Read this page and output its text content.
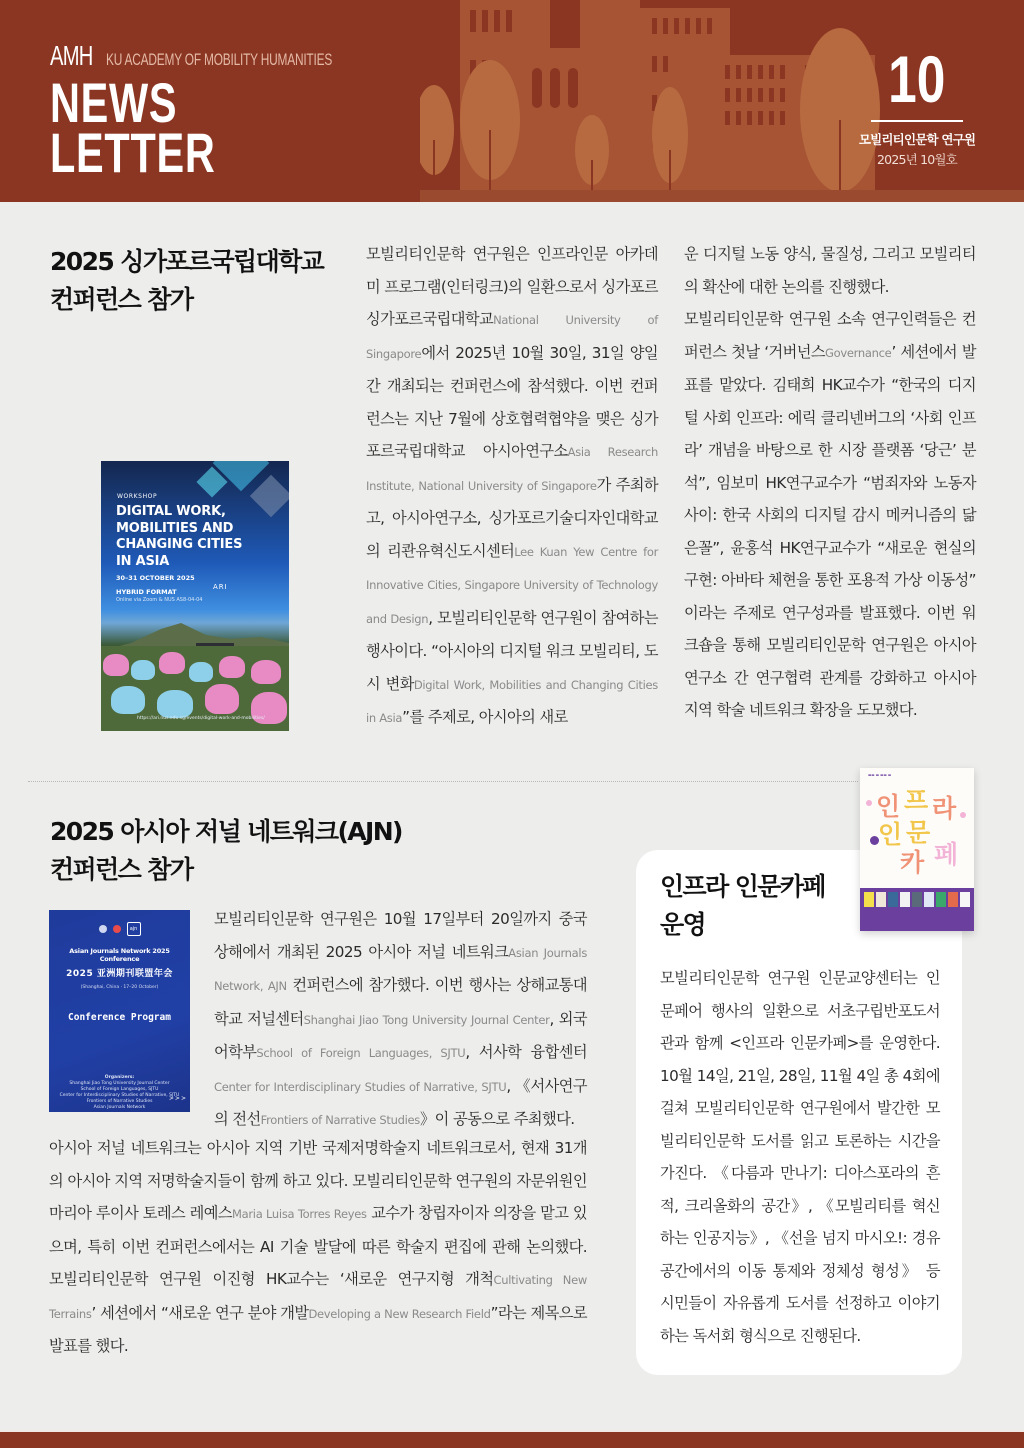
AMH KU ACADEMY OF MOBILITY HUMANITIES
NEWS
LETTER
10
모빌리티인문학 연구원
2025년 10월호
2025 싱가포르국립대학교
컨퍼런스 참가
WORKSHOP
DIGITAL WORK,
MOBILITIES AND
CHANGING CITIES
IN ASIA
30–31 OCTOBER 2025
HYBRID FORMAT
Online via Zoom & NUS AS8-04-04
ARI
https://ari.nus.edu.sg/events/digital-work-and-mobilities/
모빌리티인문학 연구원은 인프라인문 아카데미 프로그램(인터링크)의 일환으로서 싱가포르 싱가포르국립대학교National University of Singapore에서 2025년 10월 30일, 31일 양일간 개최되는 컨퍼런스에 참석했다. 이번 컨퍼런스는 지난 7월에 상호협력협약을 맺은 싱가포르국립대학교 아시아연구소Asia Research Institute, National University of Singapore가 주최하고, 아시아연구소, 싱가포르기술디자인대학교의 리콴유혁신도시센터Lee Kuan Yew Centre for Innovative Cities, Singapore University of Technology and Design, 모빌리티인문학 연구원이 참여하는 행사이다. “아시아의 디지털 워크 모빌리티, 도시 변화Digital Work, Mobilities and Changing Cities in Asia”를 주제로, 아시아의 새로
운 디지털 노동 양식, 물질성, 그리고 모빌리티의 확산에 대한 논의를 진행했다.
모빌리티인문학 연구원 소속 연구인력들은 컨퍼런스 첫날 ‘거버넌스Governance’ 세션에서 발표를 맡았다. 김태희 HK교수가 “한국의 디지털 사회 인프라: 에릭 클리넨버그의 ‘사회 인프라’ 개념을 바탕으로 한 시장 플랫폼 ‘당근’ 분석”, 임보미 HK연구교수가 “범죄자와 노동자 사이: 한국 사회의 디지털 감시 메커니즘의 닮은꼴”, 윤홍석 HK연구교수가 “새로운 현실의 구현: 아바타 체현을 통한 포용적 가상 이동성” 이라는 주제로 연구성과를 발표했다. 이번 워크숍을 통해 모빌리티인문학 연구원은 아시아연구소 간 연구협력 관계를 강화하고 아시아 지역 학술 네트워크 확장을 도모했다.
2025 아시아 저널 네트워크(AJN)
컨퍼런스 참가
ajn
Asian Journals Network 2025 Conference
2025 亚洲期刊联盟年会
(Shanghai, China · 17–20 October)
Conference Program
Organizers:
Shanghai Jiao Tong University Journal Center
School of Foreign Languages, SJTU
Center for Interdisciplinary Studies of Narrative, SJTU
Frontiers of Narrative Studies
Asian Journals Network
>>>
모빌리티인문학 연구원은 10월 17일부터 20일까지 중국 상해에서 개최된 2025 아시아 저널 네트워크Asian Journals Network, AJN 컨퍼런스에 참가했다. 이번 행사는 상해교통대학교 저널센터Shanghai Jiao Tong University Journal Center, 외국어학부School of Foreign Languages, SJTU, 서사학 융합센터Center for Interdisciplinary Studies of Narrative, SJTU, 《서사연구의 전선Frontiers of Narrative Studies》이 공동으로 주최했다.
아시아 저널 네트워크는 아시아 지역 기반 국제저명학술지 네트워크로서, 현재 31개의 아시아 지역 저명학술지들이 함께 하고 있다. 모빌리티인문학 연구원의 자문위원인 마리아 루이사 토레스 레예스Maria Luisa Torres Reyes 교수가 창립자이자 의장을 맡고 있으며, 특히 이번 컨퍼런스에서는 AI 기술 발달에 따른 학술지 편집에 관해 논의했다. 모빌리티인문학 연구원 이진형 HK교수는 ‘새로운 연구지형 개척Cultivating New Terrains’ 세션에서 “새로운 연구 분야 개발Developing a New Research Field”라는 제목으로 발표를 했다.
▬▬ ▬ ▬▬ ▬
인 프 라
인 문
카 페
인프라 인문카페
운영
모빌리티인문학 연구원 인문교양센터는 인문페어 행사의 일환으로 서초구립반포도서관과 함께 <인프라 인문카페>를 운영한다. 10월 14일, 21일, 28일, 11월 4일 총 4회에 걸쳐 모빌리티인문학 연구원에서 발간한 모빌리티인문학 도서를 읽고 토론하는 시간을 가진다. 《다름과 만나기: 디아스포라의 흔적, 크리올화의 공간》, 《모빌리티를 혁신하는 인공지능》, 《선을 넘지 마시오!: 경유 공간에서의 이동 통제와 정체성 형성》 등 시민들이 자유롭게 도서를 선정하고 이야기하는 독서회 형식으로 진행된다.
